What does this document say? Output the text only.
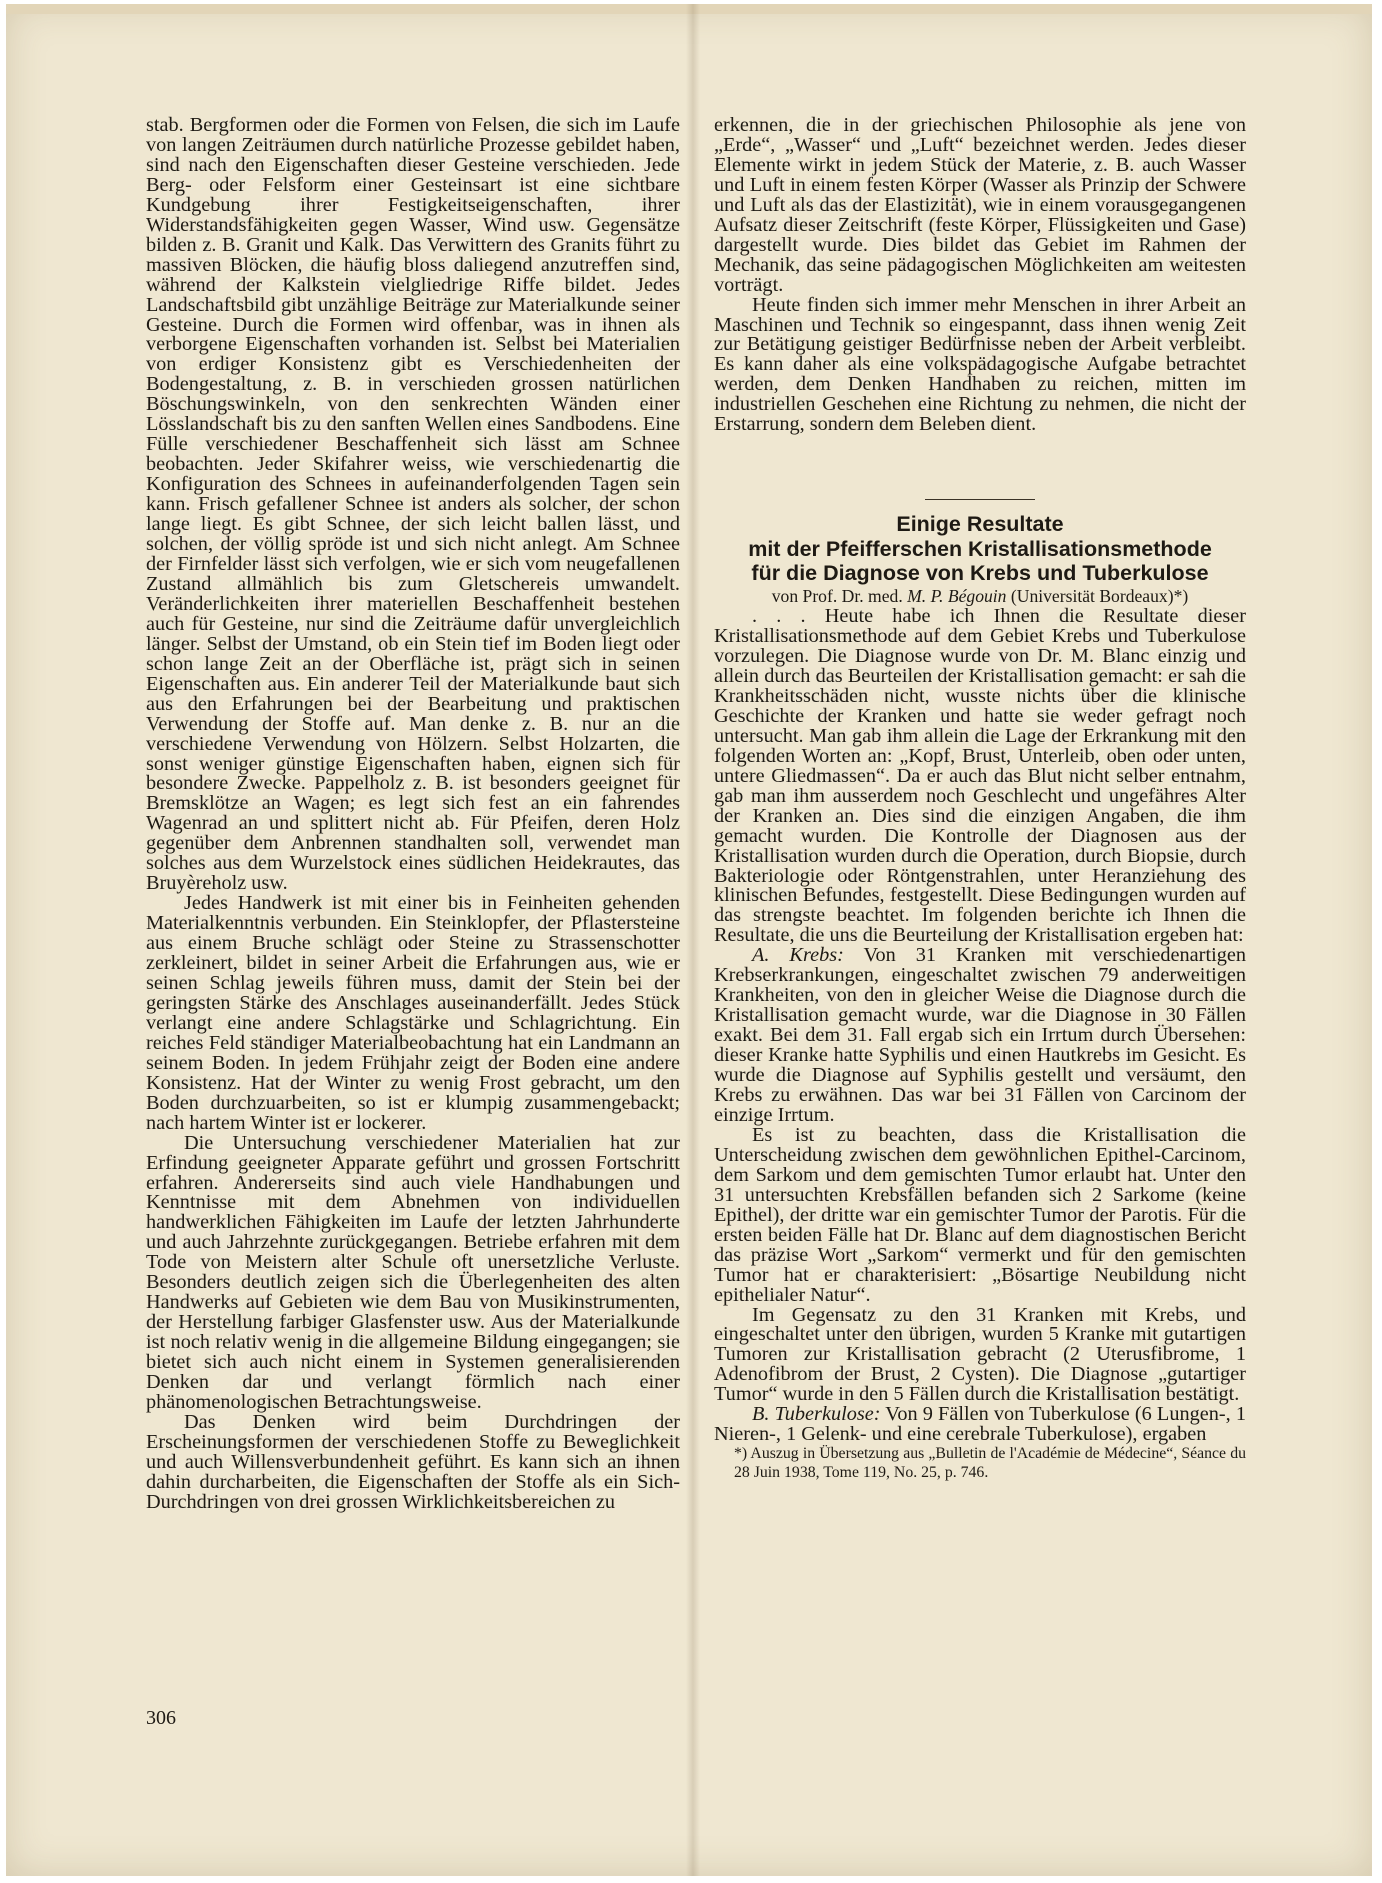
stab. Bergformen oder die Formen von Felsen, die sich im Laufe von langen Zeiträumen durch natürliche Prozesse gebildet haben, sind nach den Eigenschaften dieser Gesteine verschieden. Jede Berg- oder Felsform einer Gesteinsart ist eine sichtbare Kundgebung ihrer Festigkeitseigenschaften, ihrer Widerstandsfähigkeiten gegen Wasser, Wind usw. Gegensätze bilden z. B. Granit und Kalk. Das Verwittern des Granits führt zu massiven Blöcken, die häufig bloss daliegend anzutreffen sind, während der Kalkstein vielgliedrige Riffe bildet. Jedes Landschaftsbild gibt unzählige Beiträge zur Materialkunde seiner Gesteine. Durch die Formen wird offenbar, was in ihnen als verborgene Eigenschaften vorhanden ist. Selbst bei Materialien von erdiger Konsistenz gibt es Verschiedenheiten der Bodengestaltung, z. B. in verschieden grossen natürlichen Böschungswinkeln, von den senkrechten Wänden einer Lösslandschaft bis zu den sanften Wellen eines Sandbodens. Eine Fülle verschiedener Beschaffenheit sich lässt am Schnee beobachten. Jeder Skifahrer weiss, wie verschiedenartig die Konfiguration des Schnees in aufeinanderfolgenden Tagen sein kann. Frisch gefallener Schnee ist anders als solcher, der schon lange liegt. Es gibt Schnee, der sich leicht ballen lässt, und solchen, der völlig spröde ist und sich nicht anlegt. Am Schnee der Firnfelder lässt sich verfolgen, wie er sich vom neugefallenen Zustand allmählich bis zum Gletschereis umwandelt. Veränderlichkeiten ihrer materiellen Beschaffenheit bestehen auch für Gesteine, nur sind die Zeiträume dafür unvergleichlich länger. Selbst der Umstand, ob ein Stein tief im Boden liegt oder schon lange Zeit an der Oberfläche ist, prägt sich in seinen Eigenschaften aus. Ein anderer Teil der Materialkunde baut sich aus den Erfahrungen bei der Bearbeitung und praktischen Verwendung der Stoffe auf. Man denke z. B. nur an die verschiedene Verwendung von Hölzern. Selbst Holzarten, die sonst weniger günstige Eigenschaften haben, eignen sich für besondere Zwecke. Pappelholz z. B. ist besonders geeignet für Bremsklötze an Wagen; es legt sich fest an ein fahrendes Wagenrad an und splittert nicht ab. Für Pfeifen, deren Holz gegenüber dem Anbrennen standhalten soll, verwendet man solches aus dem Wurzelstock eines südlichen Heidekrautes, das Bruyèreholz usw.

Jedes Handwerk ist mit einer bis in Feinheiten gehenden Materialkenntnis verbunden. Ein Steinklopfer, der Pflastersteine aus einem Bruche schlägt oder Steine zu Strassenschotter zerkleinert, bildet in seiner Arbeit die Erfahrungen aus, wie er seinen Schlag jeweils führen muss, damit der Stein bei der geringsten Stärke des Anschlages auseinanderfällt. Jedes Stück verlangt eine andere Schlagstärke und Schlagrichtung. Ein reiches Feld ständiger Materialbeobachtung hat ein Landmann an seinem Boden. In jedem Frühjahr zeigt der Boden eine andere Konsistenz. Hat der Winter zu wenig Frost gebracht, um den Boden durchzuarbeiten, so ist er klumpig zusammengebackt; nach hartem Winter ist er lockerer.

Die Untersuchung verschiedener Materialien hat zur Erfindung geeigneter Apparate geführt und grossen Fortschritt erfahren. Andererseits sind auch viele Handhabungen und Kenntnisse mit dem Abnehmen von individuellen handwerklichen Fähigkeiten im Laufe der letzten Jahrhunderte und auch Jahrzehnte zurückgegangen. Betriebe erfahren mit dem Tode von Meistern alter Schule oft unersetzliche Verluste. Besonders deutlich zeigen sich die Überlegenheiten des alten Handwerks auf Gebieten wie dem Bau von Musikinstrumenten, der Herstellung farbiger Glasfenster usw. Aus der Materialkunde ist noch relativ wenig in die allgemeine Bildung eingegangen; sie bietet sich auch nicht einem in Systemen generalisierenden Denken dar und verlangt förmlich nach einer phänomenologischen Betrachtungsweise.

Das Denken wird beim Durchdringen der Erscheinungsformen der verschiedenen Stoffe zu Beweglichkeit und auch Willensverbundenheit geführt. Es kann sich an ihnen dahin durcharbeiten, die Eigenschaften der Stoffe als ein Sich-Durchdringen von drei grossen Wirklichkeitsbereichen zu

erkennen, die in der griechischen Philosophie als jene von „Erde“, „Wasser“ und „Luft“ bezeichnet werden. Jedes dieser Elemente wirkt in jedem Stück der Materie, z. B. auch Wasser und Luft in einem festen Körper (Wasser als Prinzip der Schwere und Luft als das der Elastizität), wie in einem vorausgegangenen Aufsatz dieser Zeitschrift (feste Körper, Flüssigkeiten und Gase) dargestellt wurde. Dies bildet das Gebiet im Rahmen der Mechanik, das seine pädagogischen Möglichkeiten am weitesten vorträgt.

Heute finden sich immer mehr Menschen in ihrer Arbeit an Maschinen und Technik so eingespannt, dass ihnen wenig Zeit zur Betätigung geistiger Bedürfnisse neben der Arbeit verbleibt. Es kann daher als eine volkspädagogische Aufgabe betrachtet werden, dem Denken Handhaben zu reichen, mitten im industriellen Geschehen eine Richtung zu nehmen, die nicht der Erstarrung, sondern dem Beleben dient.

Einige Resultate

mit der Pfeifferschen Kristallisationsmethode

für die Diagnose von Krebs und Tuberkulose

von Prof. Dr. med. M. P. Bégouin (Universität Bordeaux)*)

. . . Heute habe ich Ihnen die Resultate dieser Kristallisationsmethode auf dem Gebiet Krebs und Tuberkulose vorzulegen. Die Diagnose wurde von Dr. M. Blanc einzig und allein durch das Beurteilen der Kristallisation gemacht: er sah die Krankheitsschäden nicht, wusste nichts über die klinische Geschichte der Kranken und hatte sie weder gefragt noch untersucht. Man gab ihm allein die Lage der Erkrankung mit den folgenden Worten an: „Kopf, Brust, Unterleib, oben oder unten, untere Gliedmassen“. Da er auch das Blut nicht selber entnahm, gab man ihm ausserdem noch Geschlecht und ungefähres Alter der Kranken an. Dies sind die einzigen Angaben, die ihm gemacht wurden. Die Kontrolle der Diagnosen aus der Kristallisation wurden durch die Operation, durch Biopsie, durch Bakteriologie oder Röntgenstrahlen, unter Heranziehung des klinischen Befundes, festgestellt. Diese Bedingungen wurden auf das strengste beachtet. Im folgenden berichte ich Ihnen die Resultate, die uns die Beurteilung der Kristallisation ergeben hat:

A. Krebs: Von 31 Kranken mit verschiedenartigen Krebserkrankungen, eingeschaltet zwischen 79 anderweitigen Krankheiten, von den in gleicher Weise die Diagnose durch die Kristallisation gemacht wurde, war die Diagnose in 30 Fällen exakt. Bei dem 31. Fall ergab sich ein Irrtum durch Übersehen: dieser Kranke hatte Syphilis und einen Hautkrebs im Gesicht. Es wurde die Diagnose auf Syphilis gestellt und versäumt, den Krebs zu erwähnen. Das war bei 31 Fällen von Carcinom der einzige Irrtum.

Es ist zu beachten, dass die Kristallisation die Unterscheidung zwischen dem gewöhnlichen Epithel-Carcinom, dem Sarkom und dem gemischten Tumor erlaubt hat. Unter den 31 untersuchten Krebsfällen befanden sich 2 Sarkome (keine Epithel), der dritte war ein gemischter Tumor der Parotis. Für die ersten beiden Fälle hat Dr. Blanc auf dem diagnostischen Bericht das präzise Wort „Sarkom“ vermerkt und für den gemischten Tumor hat er charakterisiert: „Bösartige Neubildung nicht epithelialer Natur“.

Im Gegensatz zu den 31 Kranken mit Krebs, und eingeschaltet unter den übrigen, wurden 5 Kranke mit gutartigen Tumoren zur Kristallisation gebracht (2 Uterusfibrome, 1 Adenofibrom der Brust, 2 Cysten). Die Diagnose „gutartiger Tumor“ wurde in den 5 Fällen durch die Kristallisation bestätigt.

B. Tuberkulose: Von 9 Fällen von Tuberkulose (6 Lungen-, 1 Nieren-, 1 Gelenk- und eine cerebrale Tuberkulose), ergaben

*) Auszug in Übersetzung aus „Bulletin de l'Académie de Médecine“, Séance du 28 Juin 1938, Tome 119, No. 25, p. 746.

306
